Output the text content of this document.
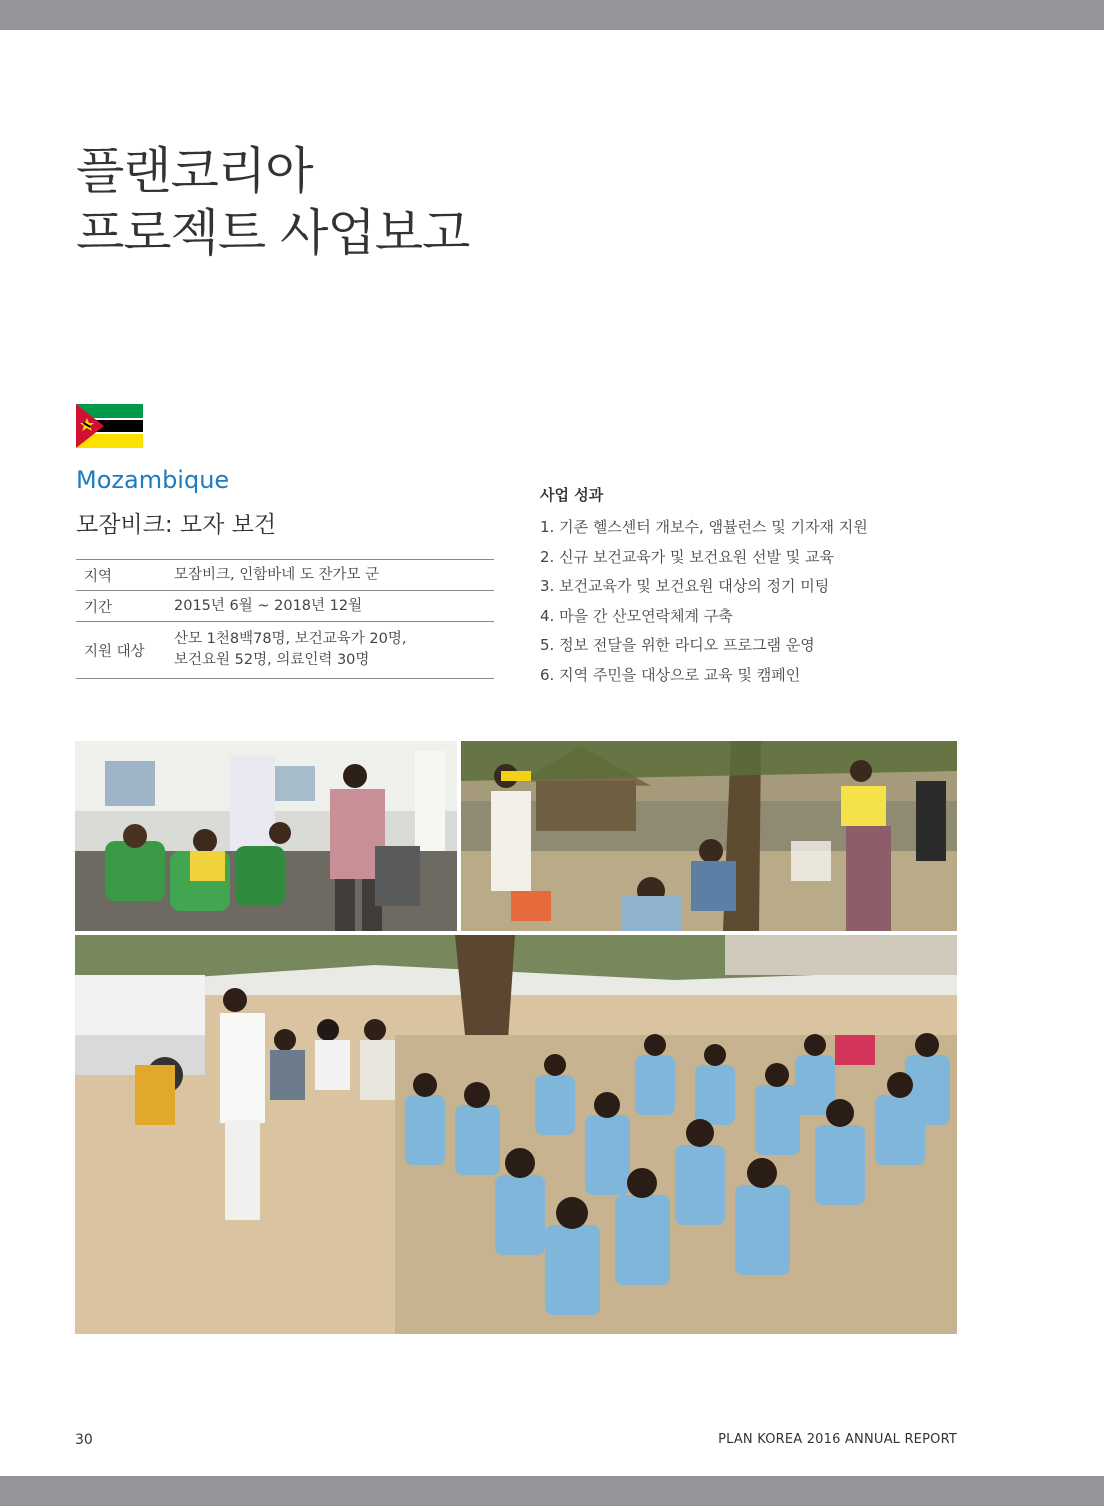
플랜코리아
프로젝트 사업보고
Mozambique
모잠비크: 모자 보건
지역	모잠비크, 인함바네 도 잔가모 군

기간	2015년 6월 ~ 2018년 12월

지원 대상	산모 1천8백78명, 보건교육가 20명,
보건요원 52명, 의료인력 30명
사업 성과
1. 기존 헬스센터 개보수, 앰뷸런스 및 기자재 지원
2. 신규 보건교육가 및 보건요원 선발 및 교육
3. 보건교육가 및 보건요원 대상의 정기 미팅
4. 마을 간 산모연락체계 구축
5. 정보 전달을 위한 라디오 프로그램 운영
6. 지역 주민을 대상으로 교육 및 캠페인
30	PLAN KOREA 2016 ANNUAL REPORT
